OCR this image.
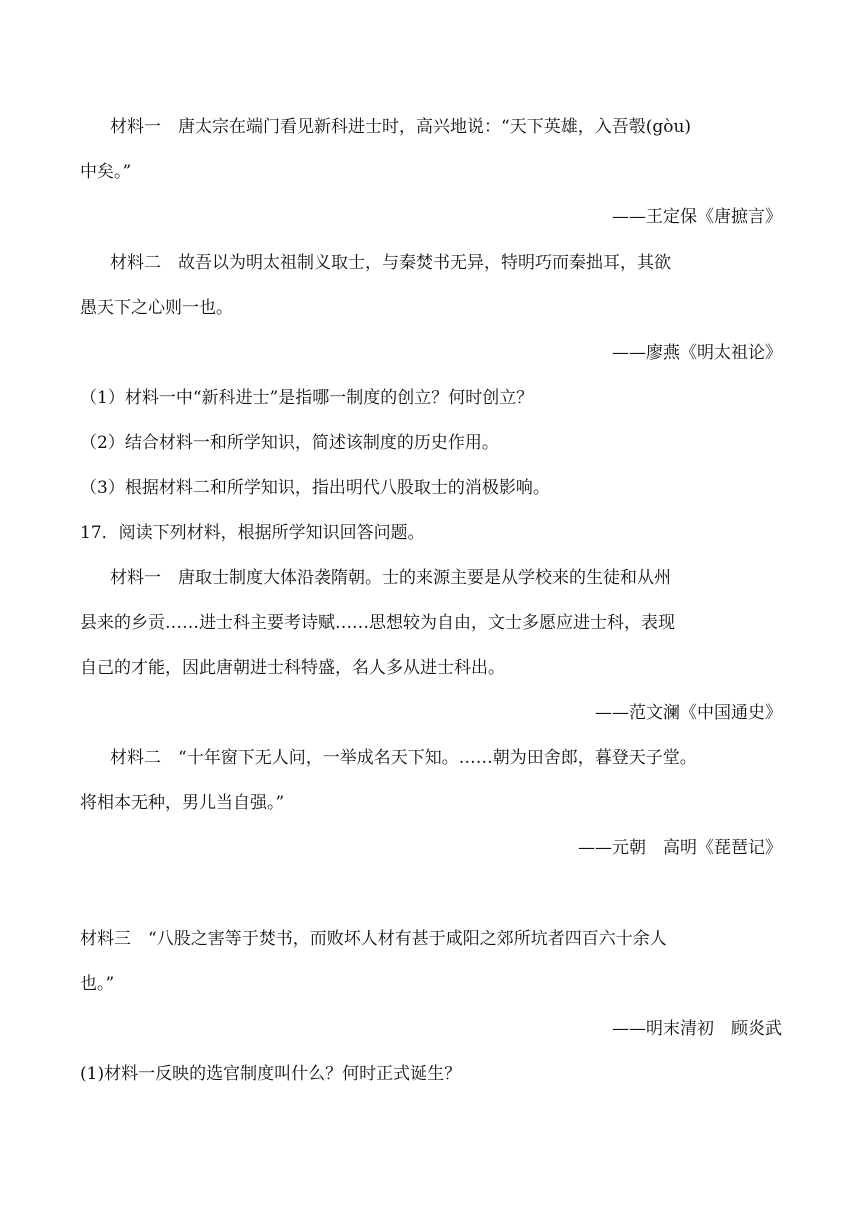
材料一　唐太宗在端门看见新科进士时，高兴地说：“天下英雄，入吾彀(gòu)
中矣。”
——王定保《唐摭言》
材料二　故吾以为明太祖制义取士，与秦焚书无异，特明巧而秦拙耳，其欲
愚天下之心则一也。
——廖燕《明太祖论》
（1）材料一中“新科进士”是指哪一制度的创立？何时创立？
（2）结合材料一和所学知识，简述该制度的历史作用。
（3）根据材料二和所学知识，指出明代八股取士的消极影响。
17．阅读下列材料，根据所学知识回答问题。
材料一　唐取士制度大体沿袭隋朝。士的来源主要是从学校来的生徒和从州
县来的乡贡……进士科主要考诗赋……思想较为自由，文士多愿应进士科，表现
自己的才能，因此唐朝进士科特盛，名人多从进士科出。
——范文澜《中国通史》
材料二　“十年窗下无人问，一举成名天下知。……朝为田舍郎，暮登天子堂。
将相本无种，男儿当自强。”
——元朝　高明《琵琶记》
材料三　“八股之害等于焚书，而败坏人材有甚于咸阳之郊所坑者四百六十余人
也。”
——明末清初　顾炎武
(1)材料一反映的选官制度叫什么？何时正式诞生？
